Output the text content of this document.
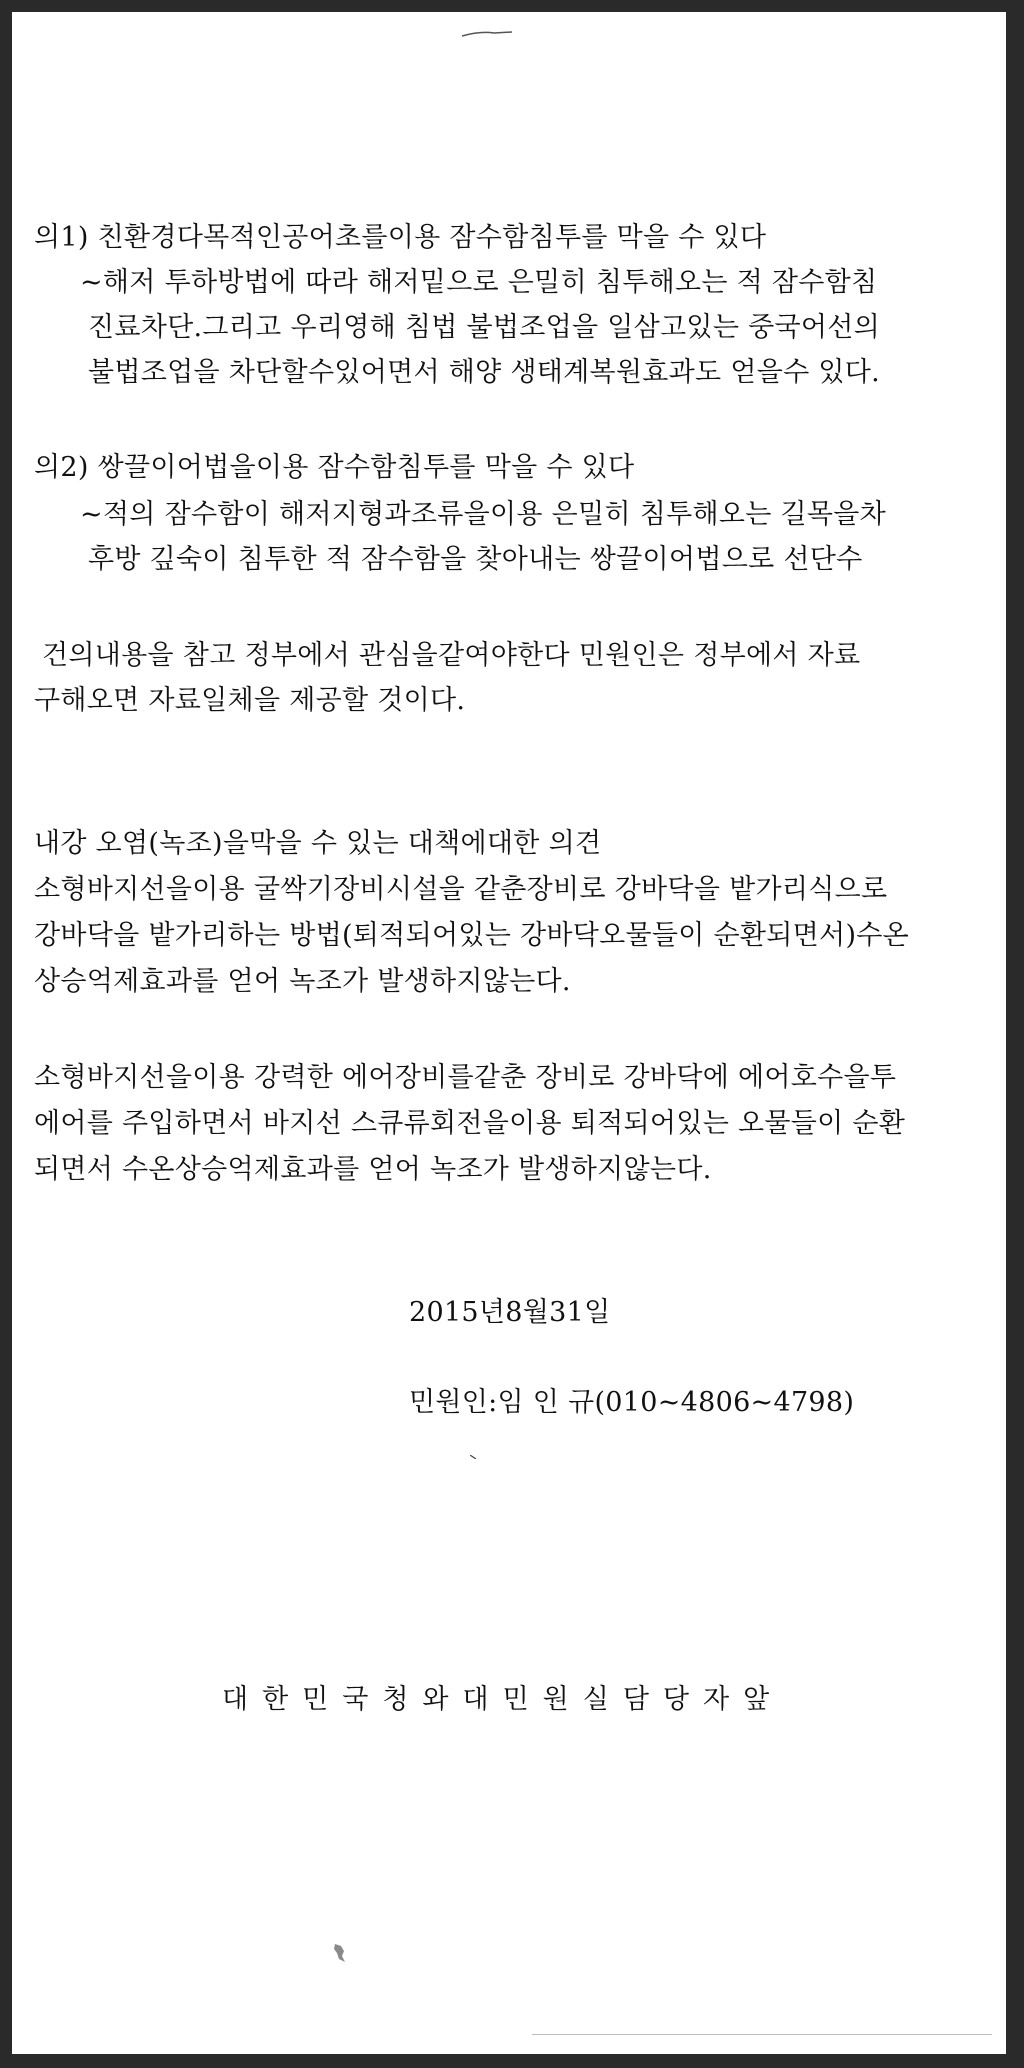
의1) 친환경다목적인공어초를이용 잠수함침투를 막을 수 있다
~해저 투하방법에 따라 해저밑으로 은밀히 침투해오는 적 잠수함침
진료차단.그리고 우리영해 침법 불법조업을 일삼고있는 중국어선의
불법조업을 차단할수있어면서 해양 생태계복원효과도 얻을수 있다.
의2) 쌍끌이어법을이용 잠수함침투를 막을 수 있다
~적의 잠수함이 해저지형과조류을이용 은밀히 침투해오는 길목을차
후방 깊숙이 침투한 적 잠수함을 찾아내는 쌍끌이어법으로 선단수
건의내용을 참고 정부에서 관심을같여야한다 민원인은 정부에서 자료
구해오면 자료일체을 제공할 것이다.
내강 오염(녹조)을막을 수 있는 대책에대한 의견
소형바지선을이용 굴싹기장비시설을 같춘장비로 강바닥을 밭가리식으로
강바닥을 밭가리하는 방법(퇴적되어있는 강바닥오물들이 순환되면서)수온
상승억제효과를 얻어 녹조가 발생하지않는다.
소형바지선을이용 강력한 에어장비를같춘 장비로 강바닥에 에어호수을투
에어를 주입하면서 바지선 스큐류회전을이용 퇴적되어있는 오물들이 순환
되면서 수온상승억제효과를 얻어 녹조가 발생하지않는다.
2015년8월31일
민원인:임 인 규(010~4806~4798)
대한민국청와대민원실담당자앞
